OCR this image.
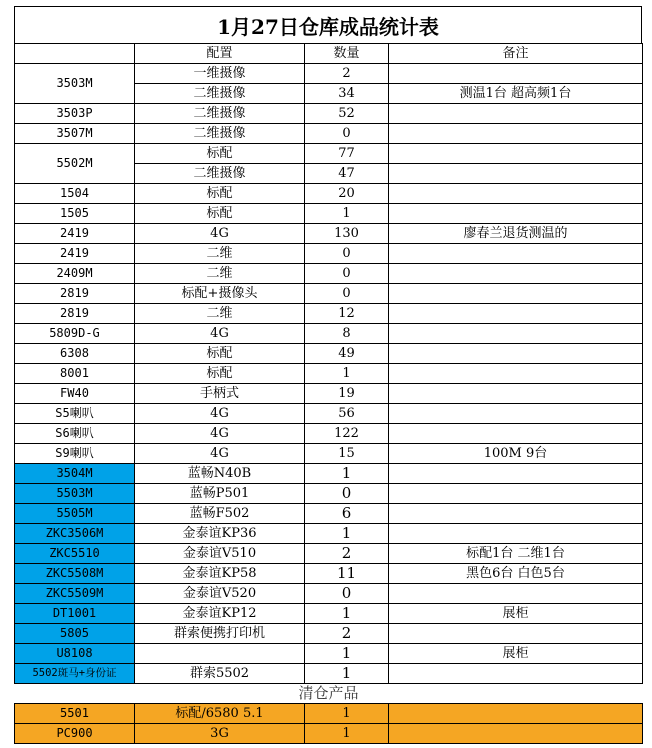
1月27日仓库成品统计表
	配置	数量	备注
3503M	一维摄像	2	
	二维摄像	34	测温1台 超高频1台
3503P	二维摄像	52	
3507M	二维摄像	0	
5502M	标配	77	
	二维摄像	47	
1504	标配	20	
1505	标配	1	
2419	4G	130	廖春兰退货测温的
2419	二维	0	
2409M	二维	0	
2819	标配+摄像头	0	
2819	二维	12	
5809D-G	4G	8	
6308	标配	49	
8001	标配	1	
FW40	手柄式	19	
S5喇叭	4G	56	
S6喇叭	4G	122	
S9喇叭	4G	15	100M 9台
3504M	蓝畅N40B	1	
5503M	蓝畅P501	0	
5505M	蓝畅F502	6	
ZKC3506M	金泰谊KP36	1	
ZKC5510	金泰谊V510	2	标配1台 二维1台
ZKC5508M	金泰谊KP58	11	黑色6台 白色5台
ZKC5509M	金泰谊V520	0	
DT1001	金泰谊KP12	1	展柜
5805	群索便携打印机	2	
U8108		1	展柜
5502斑马+身份证	群索5502	1	
清仓产品			
5501	标配/6580 5.1	1	
PC900	3G	1	
